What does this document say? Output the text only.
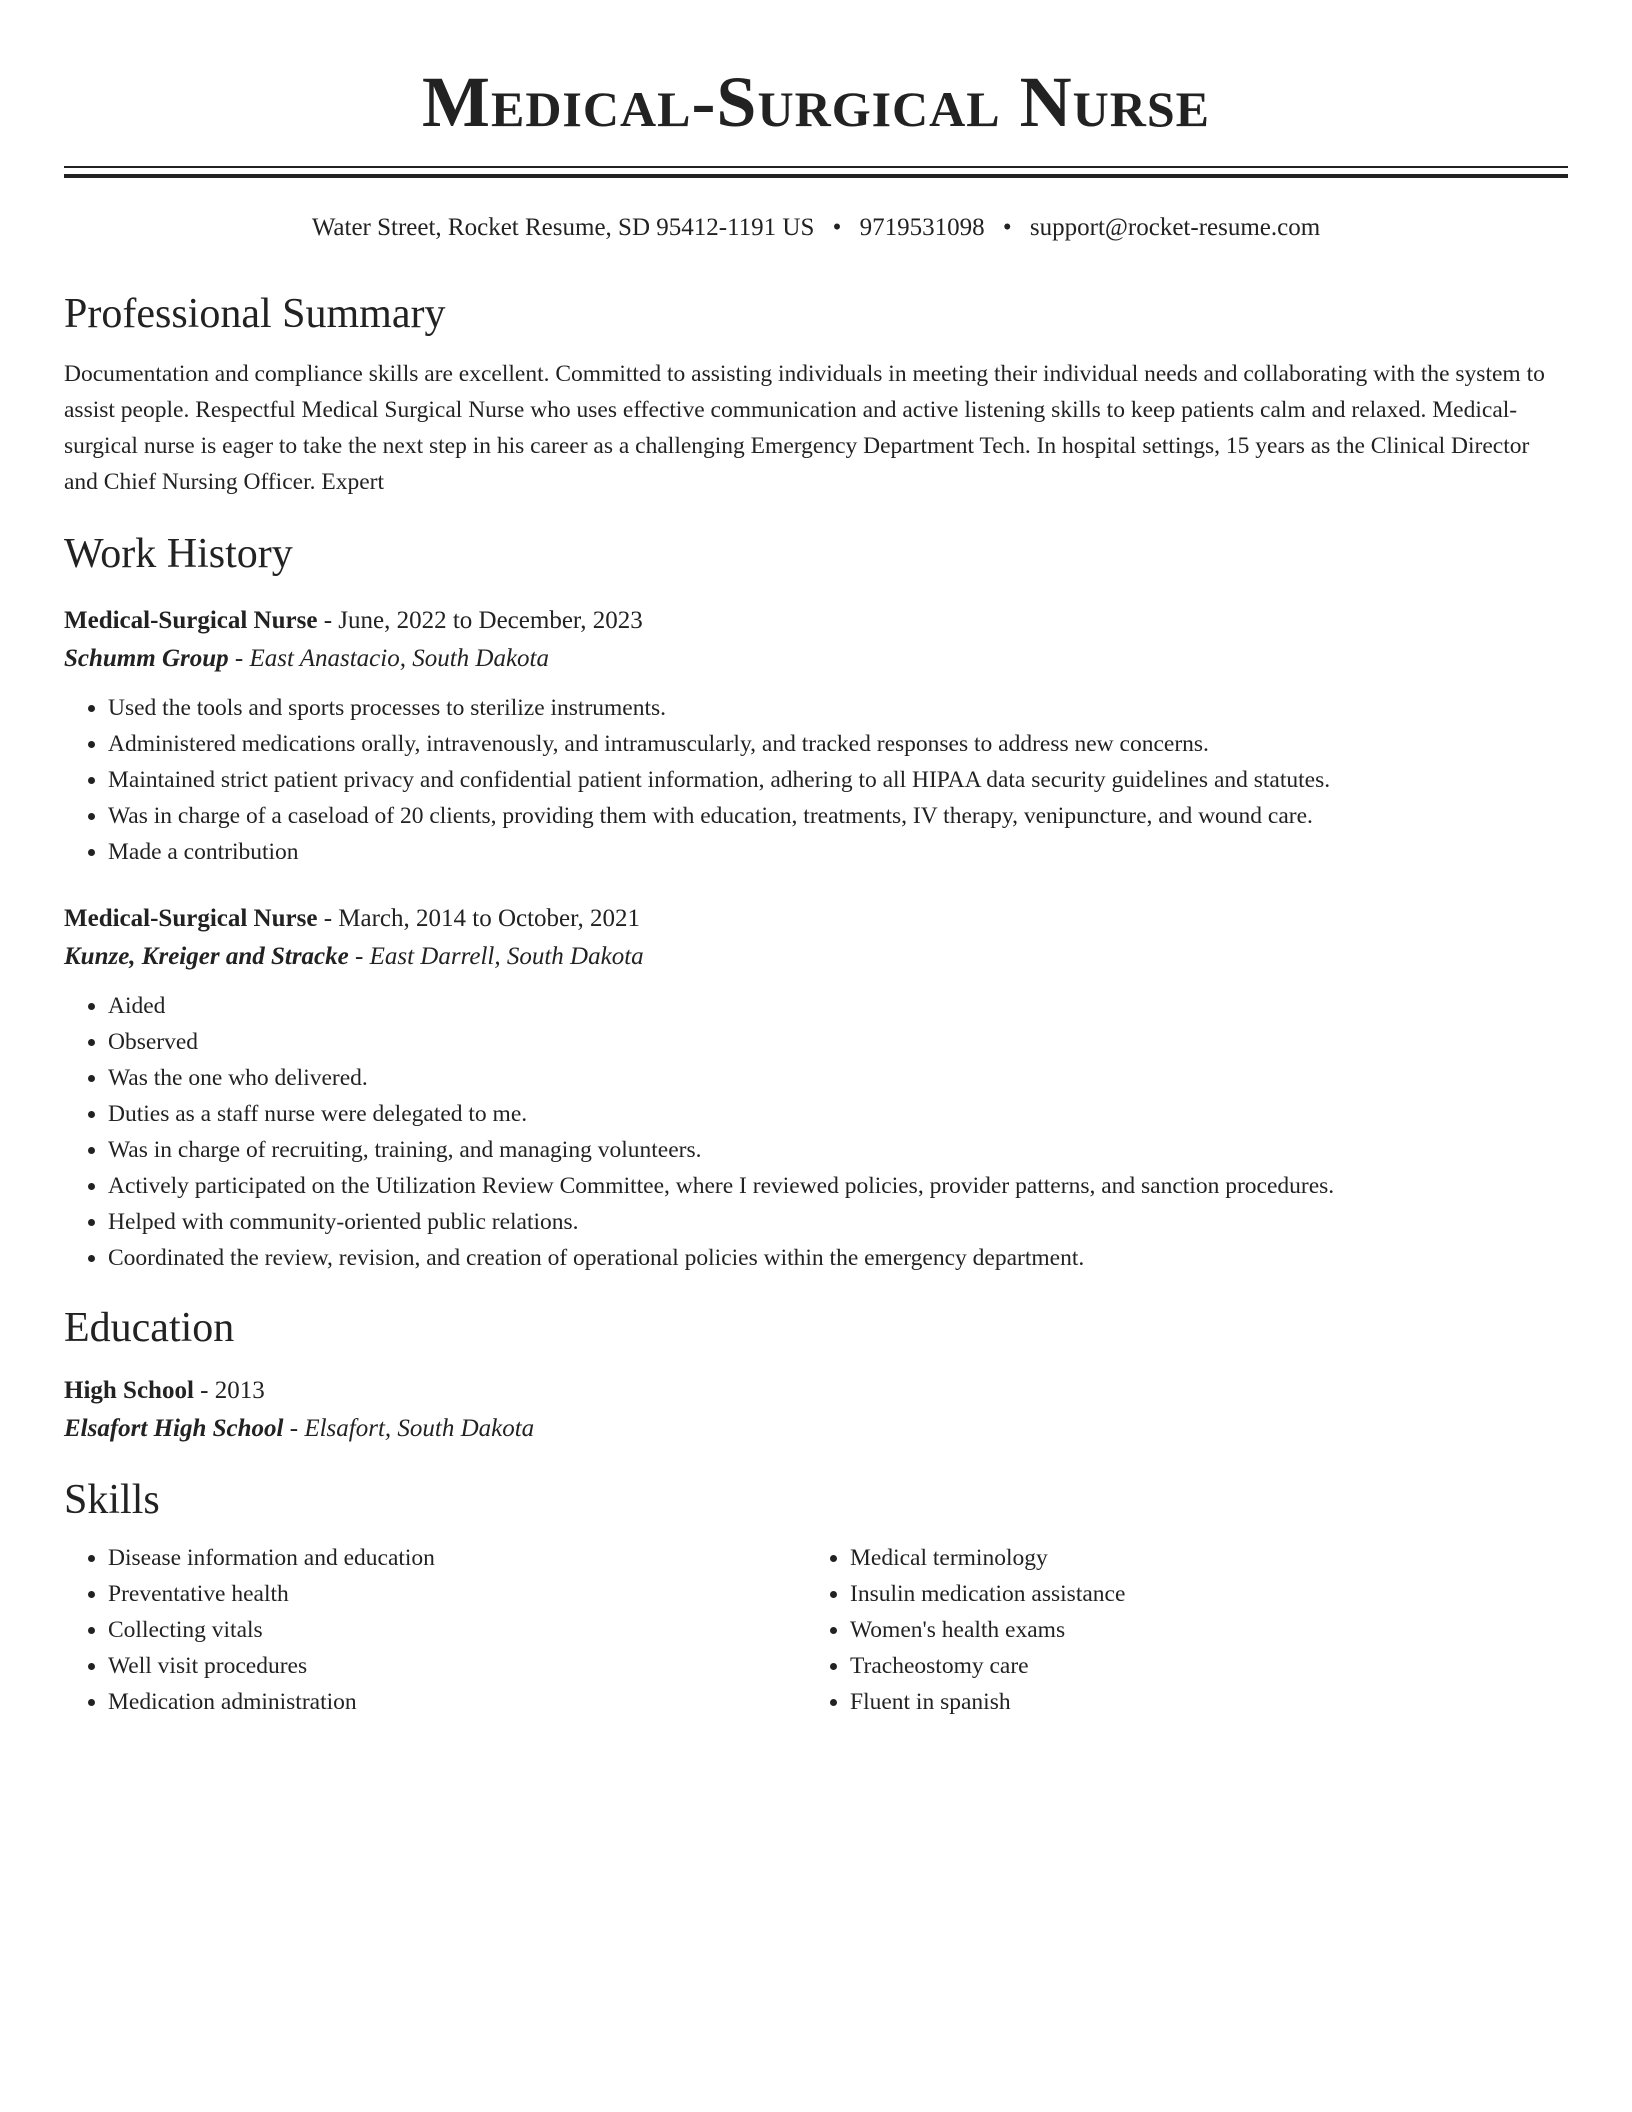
Medical-Surgical Nurse
Water Street, Rocket Resume, SD 95412-1191 US • 9719531098 • support@rocket-resume.com
Professional Summary
Documentation and compliance skills are excellent. Committed to assisting individuals in meeting their individual needs and collaborating with the system to assist people. Respectful Medical Surgical Nurse who uses effective communication and active listening skills to keep patients calm and relaxed. Medical-surgical nurse is eager to take the next step in his career as a challenging Emergency Department Tech. In hospital settings, 15 years as the Clinical Director and Chief Nursing Officer. Expert
Work History
Medical-Surgical Nurse - June, 2022 to December, 2023
Schumm Group - East Anastacio, South Dakota
• Used the tools and sports processes to sterilize instruments.
• Administered medications orally, intravenously, and intramuscularly, and tracked responses to address new concerns.
• Maintained strict patient privacy and confidential patient information, adhering to all HIPAA data security guidelines and statutes.
• Was in charge of a caseload of 20 clients, providing them with education, treatments, IV therapy, venipuncture, and wound care.
• Made a contribution
Medical-Surgical Nurse - March, 2014 to October, 2021
Kunze, Kreiger and Stracke - East Darrell, South Dakota
• Aided
• Observed
• Was the one who delivered.
• Duties as a staff nurse were delegated to me.
• Was in charge of recruiting, training, and managing volunteers.
• Actively participated on the Utilization Review Committee, where I reviewed policies, provider patterns, and sanction procedures.
• Helped with community-oriented public relations.
• Coordinated the review, revision, and creation of operational policies within the emergency department.
Education
High School - 2013
Elsafort High School - Elsafort, South Dakota
Skills
• Disease information and education
• Preventative health
• Collecting vitals
• Well visit procedures
• Medication administration
• Medical terminology
• Insulin medication assistance
• Women's health exams
• Tracheostomy care
• Fluent in spanish
